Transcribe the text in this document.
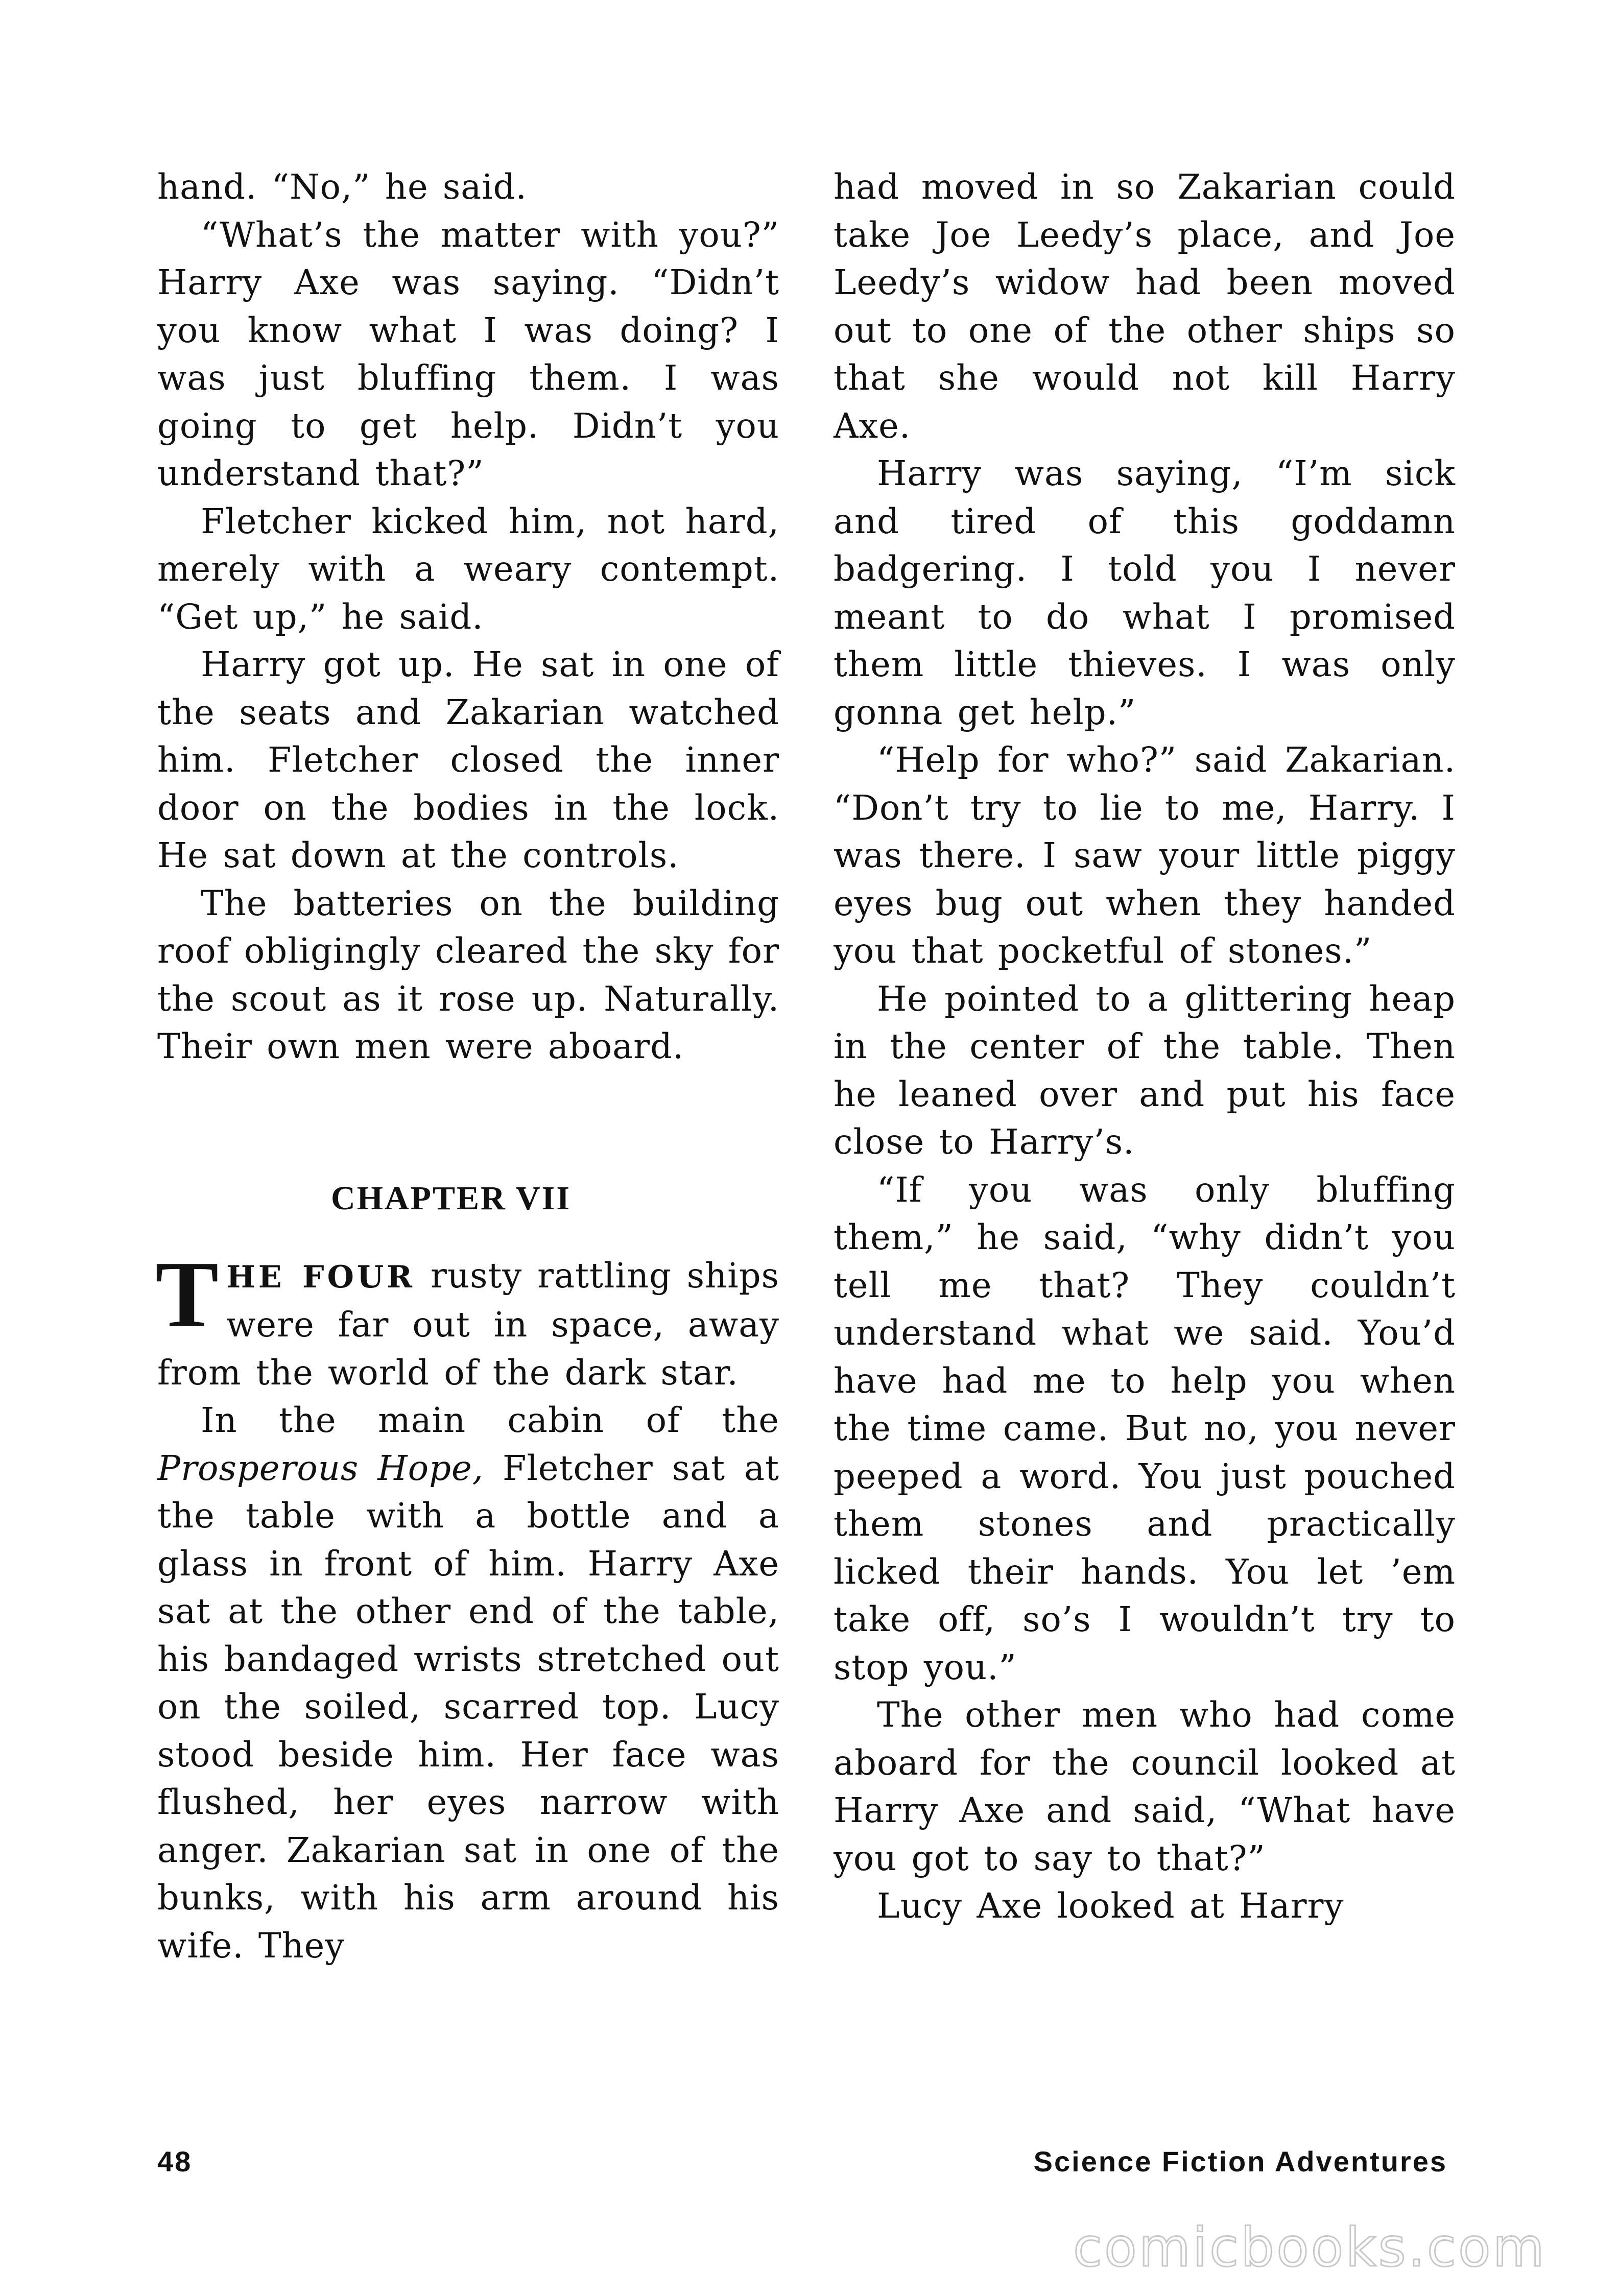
hand. “No,” he said.

“What’s the matter with you?” Harry Axe was saying. “Didn’t you know what I was doing? I was just bluffing them. I was going to get help. Didn’t you understand that?”

Fletcher kicked him, not hard, merely with a weary contempt. “Get up,” he said.

Harry got up. He sat in one of the seats and Zakarian watched him. Fletcher closed the inner door on the bodies in the lock. He sat down at the controls.

The batteries on the building roof obligingly cleared the sky for the scout as it rose up. Naturally. Their own men were aboard.

CHAPTER VII

THE FOUR rusty rattling ships were far out in space, away from the world of the dark star.

In the main cabin of the Prosperous Hope, Fletcher sat at the table with a bottle and a glass in front of him. Harry Axe sat at the other end of the table, his bandaged wrists stretched out on the soiled, scarred top. Lucy stood beside him. Her face was flushed, her eyes narrow with anger. Zakarian sat in one of the bunks, with his arm around his wife. They

had moved in so Zakarian could take Joe Leedy’s place, and Joe Leedy’s widow had been moved out to one of the other ships so that she would not kill Harry Axe.

Harry was saying, “I’m sick and tired of this goddamn badgering. I told you I never meant to do what I promised them little thieves. I was only gonna get help.”

“Help for who?” said Zakarian. “Don’t try to lie to me, Harry. I was there. I saw your little piggy eyes bug out when they handed you that pocketful of stones.”

He pointed to a glittering heap in the center of the table. Then he leaned over and put his face close to Harry’s.

“If you was only bluffing them,” he said, “why didn’t you tell me that? They couldn’t understand what we said. You’d have had me to help you when the time came. But no, you never peeped a word. You just pouched them stones and practically licked their hands. You let ’em take off, so’s I wouldn’t try to stop you.”

The other men who had come aboard for the council looked at Harry Axe and said, “What have you got to say to that?”

Lucy Axe looked at Harry

48	Science Fiction Adventures
comicbooks.com
